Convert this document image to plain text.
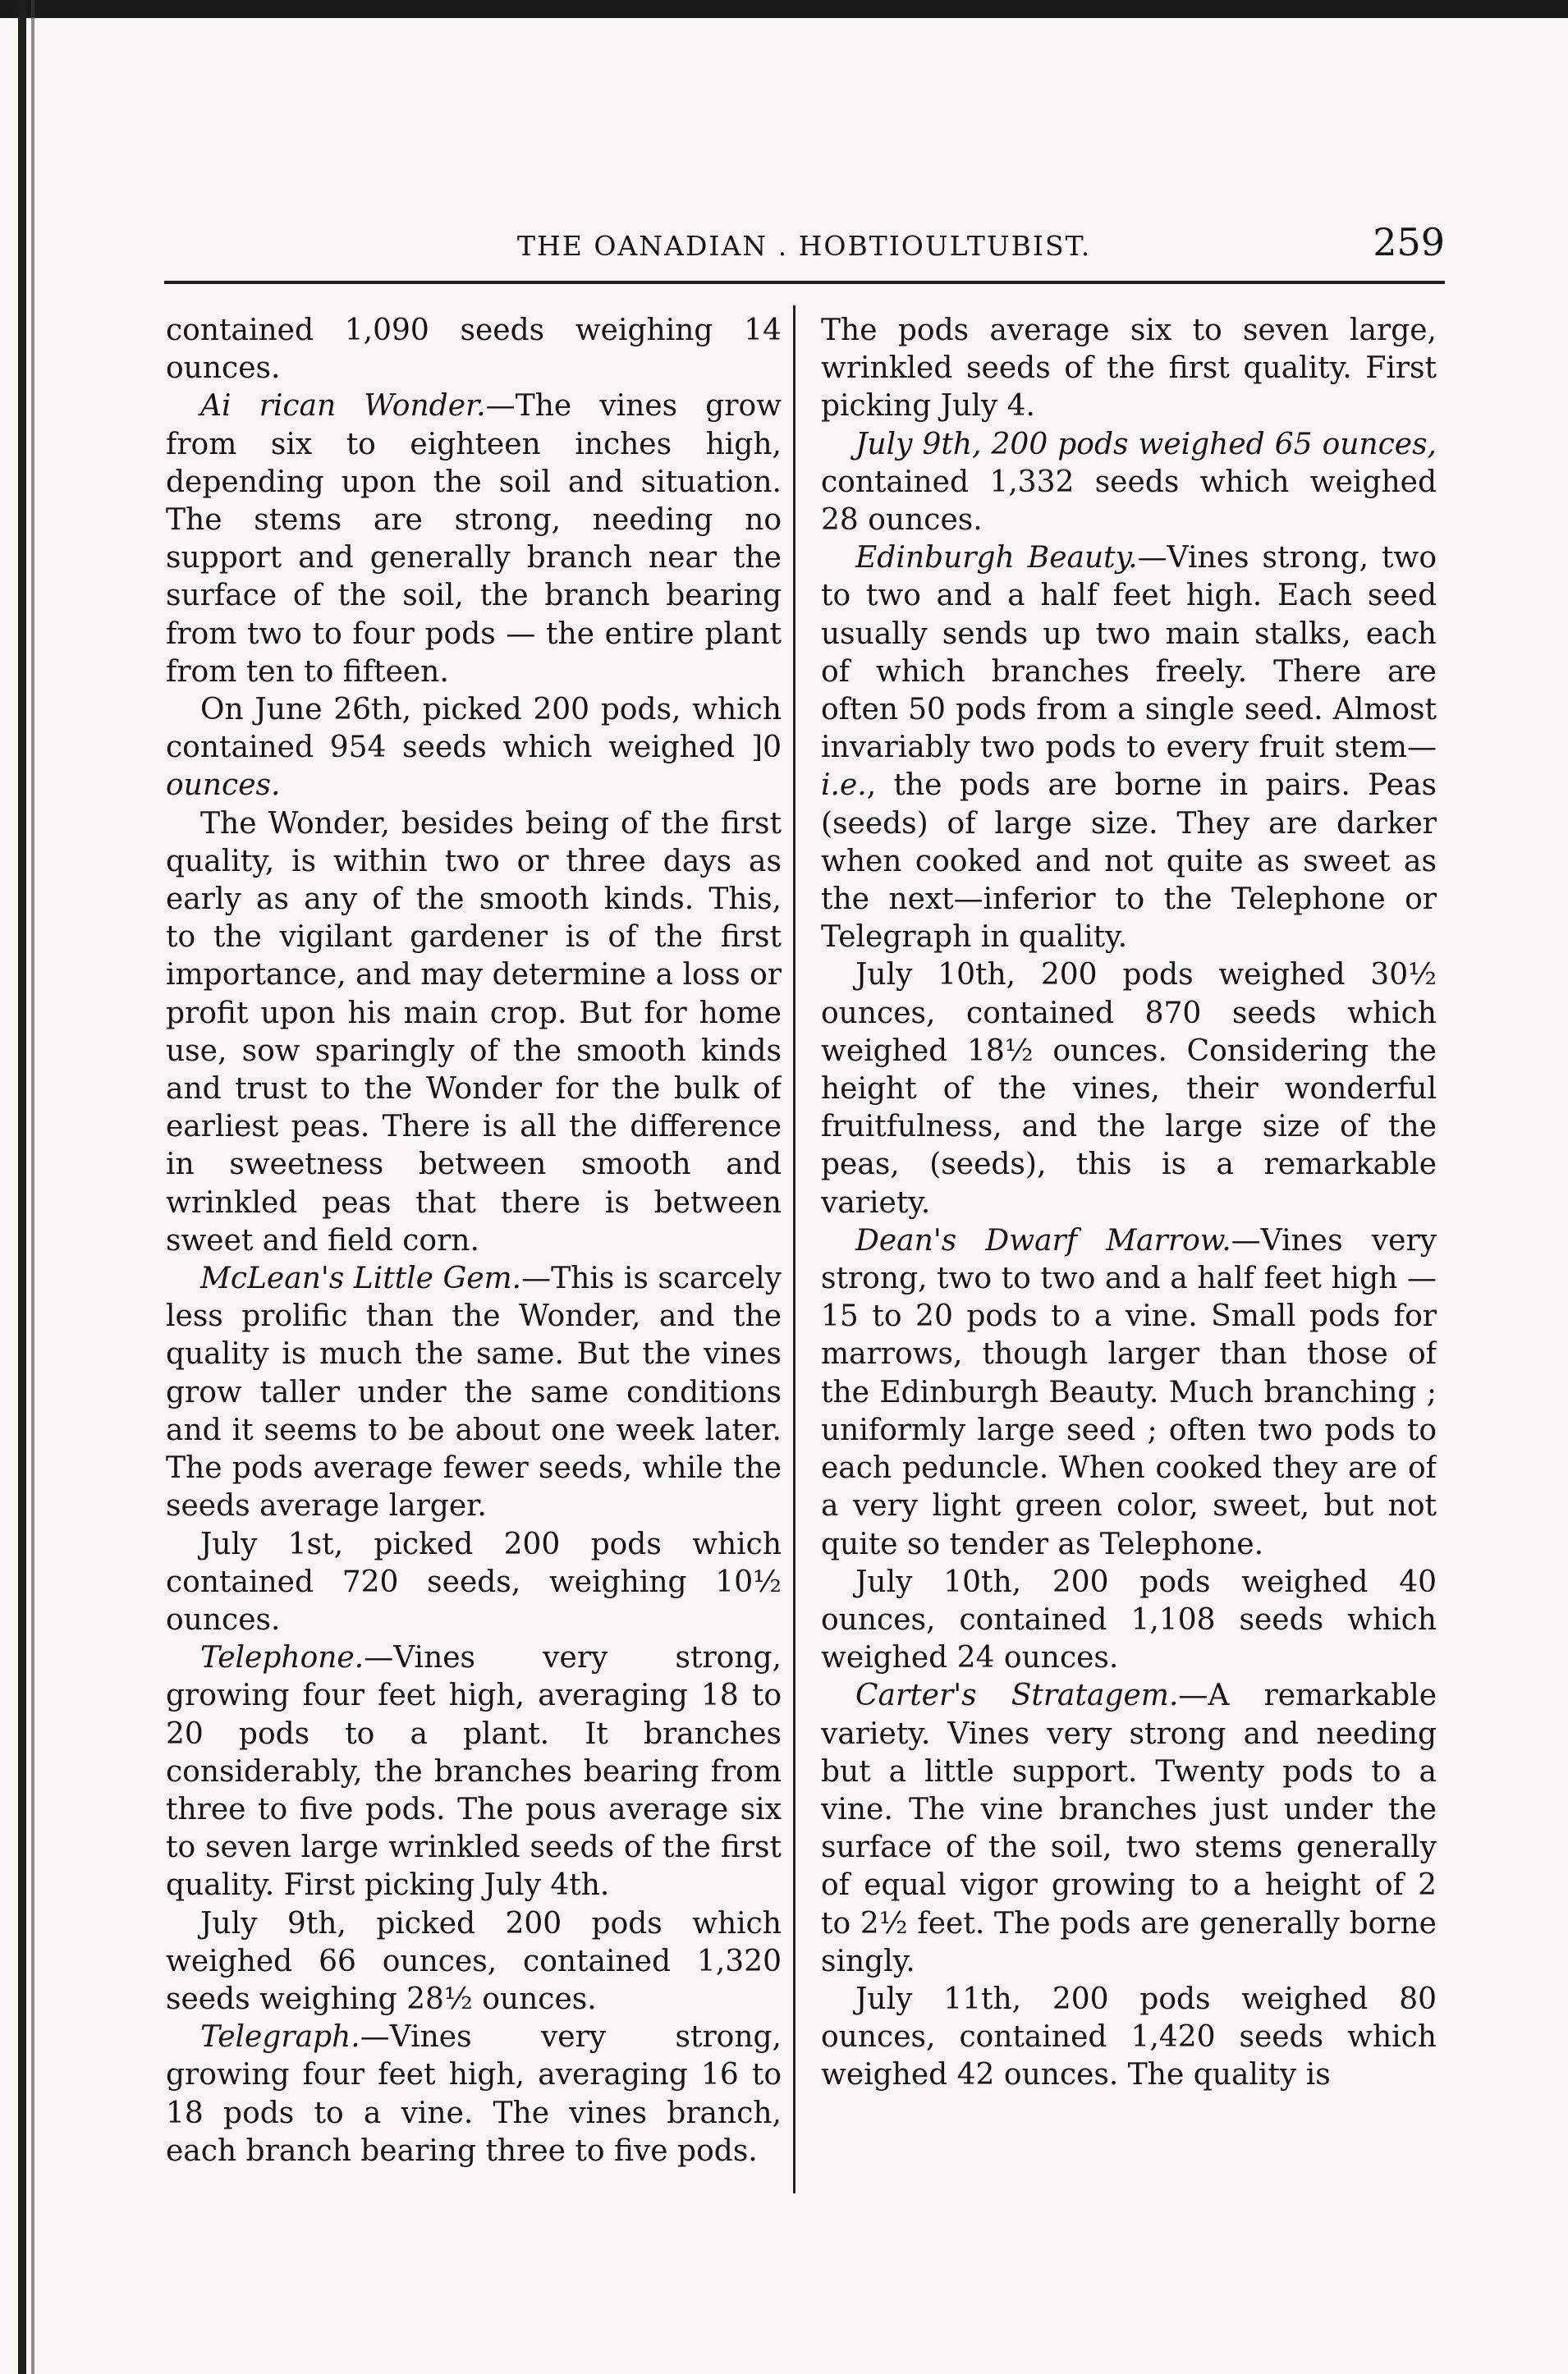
THE OANADIAN . HOBTIOULTUBIST.	259

contained 1,090 seeds weighing 14 ounces.

Ai rican Wonder.—The vines grow from six to eighteen inches high, depending upon the soil and situation. The stems are strong, needing no support and generally branch near the surface of the soil, the branch bearing from two to four pods — the entire plant from ten to fifteen.

On June 26th, picked 200 pods, which contained 954 seeds which weighed ]0 ounces.

The Wonder, besides being of the first quality, is within two or three days as early as any of the smooth kinds. This, to the vigilant gardener is of the first importance, and may determine a loss or profit upon his main crop. But for home use, sow sparingly of the smooth kinds and trust to the Wonder for the bulk of earliest peas. There is all the difference in sweetness between smooth and wrinkled peas that there is between sweet and field corn.

McLean's Little Gem.—This is scarcely less prolific than the Wonder, and the quality is much the same. But the vines grow taller under the same conditions and it seems to be about one week later. The pods average fewer seeds, while the seeds average larger.

July 1st, picked 200 pods which contained 720 seeds, weighing 10½ ounces.

Telephone.—Vines very strong, growing four feet high, averaging 18 to 20 pods to a plant. It branches considerably, the branches bearing from three to five pods. The pous average six to seven large wrinkled seeds of the first quality. First picking July 4th.

July 9th, picked 200 pods which weighed 66 ounces, contained 1,320 seeds weighing 28½ ounces.

Telegraph.—Vines very strong, growing four feet high, averaging 16 to 18 pods to a vine. The vines branch, each branch bearing three to five pods.

The pods average six to seven large, wrinkled seeds of the first quality. First picking July 4.

July 9th, 200 pods weighed 65 ounces, contained 1,332 seeds which weighed 28 ounces.

Edinburgh Beauty.—Vines strong, two to two and a half feet high. Each seed usually sends up two main stalks, each of which branches freely. There are often 50 pods from a single seed. Almost invariably two pods to every fruit stem—i.e., the pods are borne in pairs. Peas (seeds) of large size. They are darker when cooked and not quite as sweet as the next—inferior to the Telephone or Telegraph in quality.

July 10th, 200 pods weighed 30½ ounces, contained 870 seeds which weighed 18½ ounces. Considering the height of the vines, their wonderful fruitfulness, and the large size of the peas, (seeds), this is a remarkable variety.

Dean's Dwarf Marrow.—Vines very strong, two to two and a half feet high —15 to 20 pods to a vine. Small pods for marrows, though larger than those of the Edinburgh Beauty. Much branching ; uniformly large seed ; often two pods to each peduncle. When cooked they are of a very light green color, sweet, but not quite so tender as Telephone.

July 10th, 200 pods weighed 40 ounces, contained 1,108 seeds which weighed 24 ounces.

Carter's Stratagem.—A remarkable variety. Vines very strong and needing but a little support. Twenty pods to a vine. The vine branches just under the surface of the soil, two stems generally of equal vigor growing to a height of 2 to 2½ feet. The pods are generally borne singly.

July 11th, 200 pods weighed 80 ounces, contained 1,420 seeds which weighed 42 ounces. The quality is
